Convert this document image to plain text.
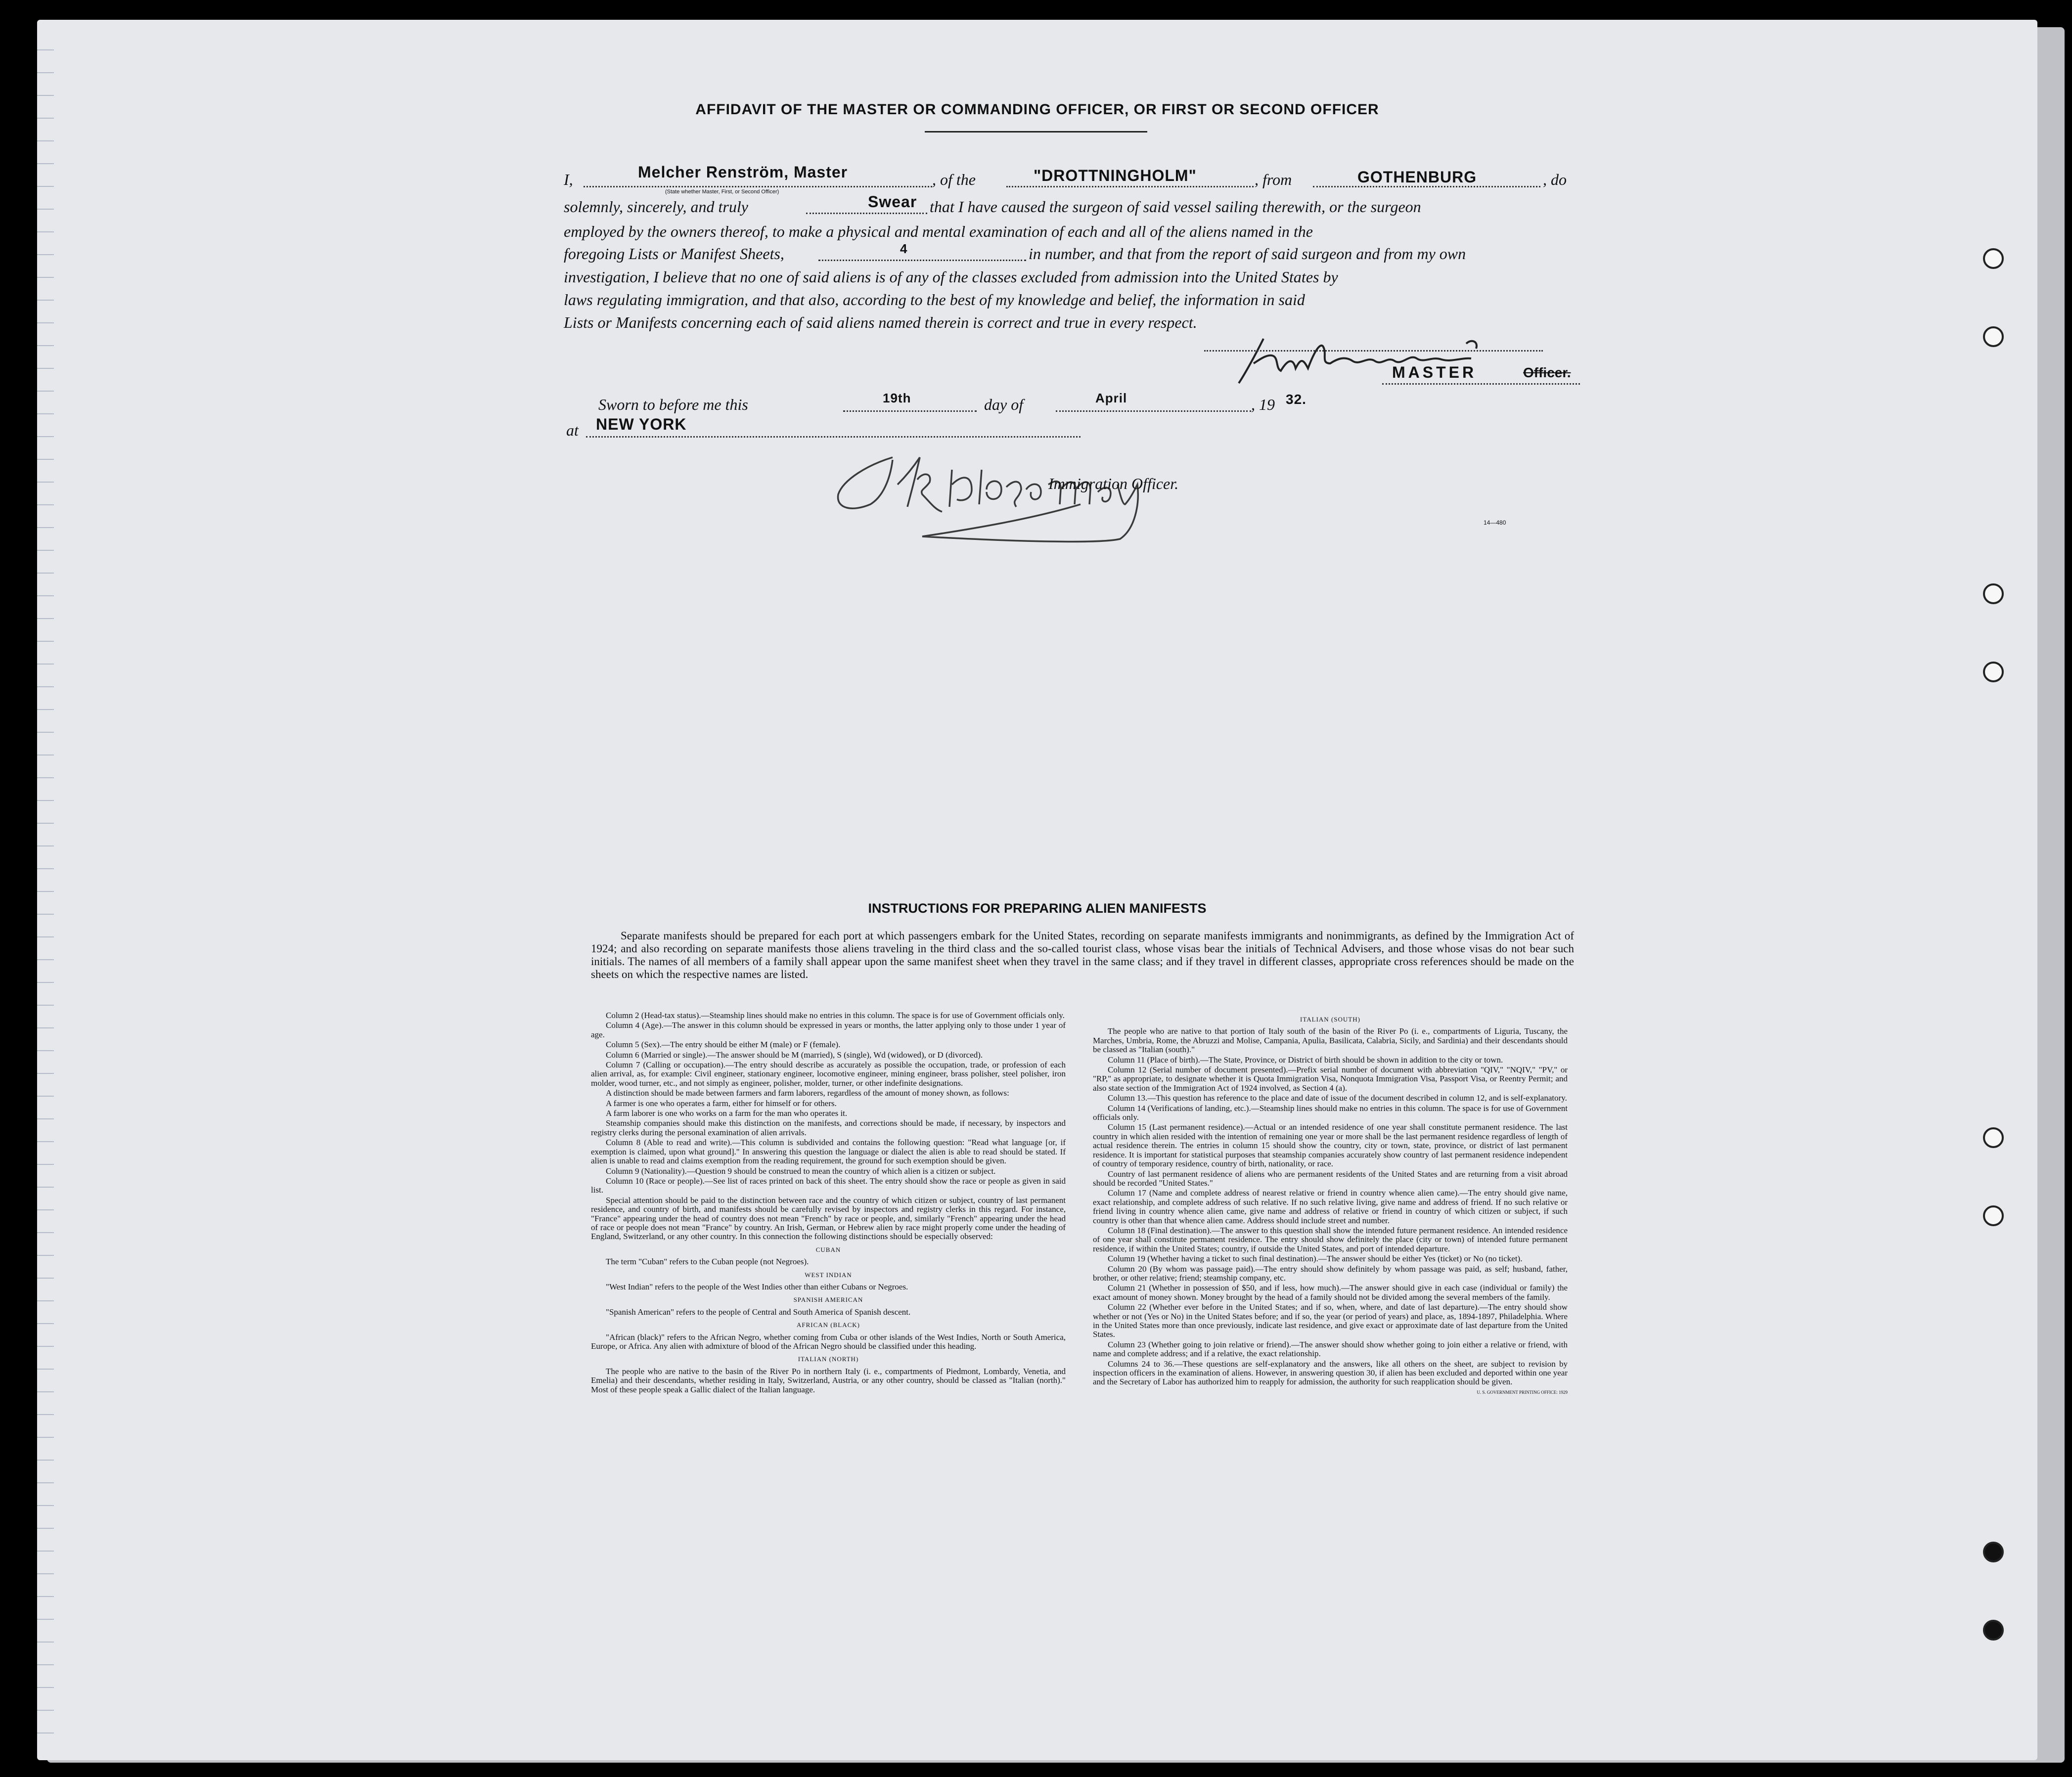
AFFIDAVIT OF THE MASTER OR COMMANDING OFFICER, OR FIRST OR SECOND OFFICER
I,	Melcher Renström, Master
(State whether Master, First, or Second Officer)
, of the	"DROTTNINGHOLM"	, from	GOTHENBURG	, do
solemnly, sincerely, and truly	Swear that I have caused the surgeon of said vessel sailing therewith, or the surgeon
employed by the owners thereof, to make a physical and mental examination of each and all of the aliens named in the
foregoing Lists or Manifest Sheets,	4	in number, and that from the report of said surgeon and from my own
investigation, I believe that no one of said aliens is of any of the classes excluded from admission into the United States by
laws regulating immigration, and that also, according to the best of my knowledge and belief, the information in said
Lists or Manifests concerning each of said aliens named therein is correct and true in every respect.
MASTER	Officer.
Sworn to before me this	19th	day of	April	, 19 32.
at NEW YORK
Immigration Officer.
14—480
INSTRUCTIONS FOR PREPARING ALIEN MANIFESTS
Separate manifests should be prepared for each port at which passengers embark for the United States, recording on separate manifests immigrants and nonimmigrants, as defined by the Immigration Act of 1924; and also recording on separate manifests those aliens traveling in the third class and the so-called tourist class, whose visas bear the initials of Technical Advisers, and those whose visas do not bear such initials. The names of all members of a family shall appear upon the same manifest sheet when they travel in the same class; and if they travel in different classes, appropriate cross references should be made on the sheets on which the respective names are listed.

Column 2 (Head-tax status).—Steamship lines should make no entries in this column. The space is for use of Government officials only.

Column 4 (Age).—The answer in this column should be expressed in years or months, the latter applying only to those under 1 year of age.

Column 5 (Sex).—The entry should be either M (male) or F (female).

Column 6 (Married or single).—The answer should be M (married), S (single), Wd (widowed), or D (divorced).

Column 7 (Calling or occupation).—The entry should describe as accurately as possible the occupation, trade, or profession of each alien arrival, as, for example: Civil engineer, stationary engineer, locomotive engineer, mining engineer, brass polisher, steel polisher, iron molder, wood turner, etc., and not simply as engineer, polisher, molder, turner, or other indefinite designations.

A distinction should be made between farmers and farm laborers, regardless of the amount of money shown, as follows:

A farmer is one who operates a farm, either for himself or for others.

A farm laborer is one who works on a farm for the man who operates it.

Steamship companies should make this distinction on the manifests, and corrections should be made, if necessary, by inspectors and registry clerks during the personal examination of alien arrivals.

Column 8 (Able to read and write).—This column is subdivided and contains the following question: "Read what language [or, if exemption is claimed, upon what ground]." In answering this question the language or dialect the alien is able to read should be stated. If alien is unable to read and claims exemption from the reading requirement, the ground for such exemption should be given.

Column 9 (Nationality).—Question 9 should be construed to mean the country of which alien is a citizen or subject.

Column 10 (Race or people).—See list of races printed on back of this sheet. The entry should show the race or people as given in said list.

Special attention should be paid to the distinction between race and the country of which citizen or subject, country of last permanent residence, and country of birth, and manifests should be carefully revised by inspectors and registry clerks in this regard. For instance, "France" appearing under the head of country does not mean "French" by race or people, and, similarly "French" appearing under the head of race or people does not mean "France" by country. An Irish, German, or Hebrew alien by race might properly come under the heading of England, Switzerland, or any other country. In this connection the following distinctions should be especially observed:

CUBAN

The term "Cuban" refers to the Cuban people (not Negroes).

WEST INDIAN

"West Indian" refers to the people of the West Indies other than either Cubans or Negroes.

SPANISH AMERICAN

"Spanish American" refers to the people of Central and South America of Spanish descent.

AFRICAN (BLACK)

"African (black)" refers to the African Negro, whether coming from Cuba or other islands of the West Indies, North or South America, Europe, or Africa. Any alien with admixture of blood of the African Negro should be classified under this heading.

ITALIAN (NORTH)

The people who are native to the basin of the River Po in northern Italy (i. e., compartments of Piedmont, Lombardy, Venetia, and Emelia) and their descendants, whether residing in Italy, Switzerland, Austria, or any other country, should be classed as "Italian (north)." Most of these people speak a Gallic dialect of the Italian language.

ITALIAN (SOUTH)

The people who are native to that portion of Italy south of the basin of the River Po (i. e., compartments of Liguria, Tuscany, the Marches, Umbria, Rome, the Abruzzi and Molise, Campania, Apulia, Basilicata, Calabria, Sicily, and Sardinia) and their descendants should be classed as "Italian (south)."

Column 11 (Place of birth).—The State, Province, or District of birth should be shown in addition to the city or town.

Column 12 (Serial number of document presented).—Prefix serial number of document with abbreviation "QIV," "NQIV," "PV," or "RP," as appropriate, to designate whether it is Quota Immigration Visa, Nonquota Immigration Visa, Passport Visa, or Reentry Permit; and also state section of the Immigration Act of 1924 involved, as Section 4 (a).

Column 13.—This question has reference to the place and date of issue of the document described in column 12, and is self-explanatory.

Column 14 (Verifications of landing, etc.).—Steamship lines should make no entries in this column. The space is for use of Government officials only.

Column 15 (Last permanent residence).—Actual or an intended residence of one year shall constitute permanent residence. The last country in which alien resided with the intention of remaining one year or more shall be the last permanent residence regardless of length of actual residence therein. The entries in column 15 should show the country, city or town, state, province, or district of last permanent residence. It is important for statistical purposes that steamship companies accurately show country of last permanent residence independent of country of temporary residence, country of birth, nationality, or race.

Country of last permanent residence of aliens who are permanent residents of the United States and are returning from a visit abroad should be recorded "United States."

Column 17 (Name and complete address of nearest relative or friend in country whence alien came).—The entry should give name, exact relationship, and complete address of such relative. If no such relative living, give name and address of friend. If no such relative or friend living in country whence alien came, give name and address of relative or friend in country of which citizen or subject, if such country is other than that whence alien came. Address should include street and number.

Column 18 (Final destination).—The answer to this question shall show the intended future permanent residence. An intended residence of one year shall constitute permanent residence. The entry should show definitely the place (city or town) of intended future permanent residence, if within the United States; country, if outside the United States, and port of intended departure.

Column 19 (Whether having a ticket to such final destination).—The answer should be either Yes (ticket) or No (no ticket).

Column 20 (By whom was passage paid).—The entry should show definitely by whom passage was paid, as self; husband, father, brother, or other relative; friend; steamship company, etc.

Column 21 (Whether in possession of $50, and if less, how much).—The answer should give in each case (individual or family) the exact amount of money shown. Money brought by the head of a family should not be divided among the several members of the family.

Column 22 (Whether ever before in the United States; and if so, when, where, and date of last departure).—The entry should show whether or not (Yes or No) in the United States before; and if so, the year (or period of years) and place, as, 1894-1897, Philadelphia. Where in the United States more than once previously, indicate last residence, and give exact or approximate date of last departure from the United States.

Column 23 (Whether going to join relative or friend).—The answer should show whether going to join either a relative or friend, with name and complete address; and if a relative, the exact relationship.

Columns 24 to 36.—These questions are self-explanatory and the answers, like all others on the sheet, are subject to revision by inspection officers in the examination of aliens. However, in answering question 30, if alien has been excluded and deported within one year and the Secretary of Labor has authorized him to reapply for admission, the authority for such reapplication should be given.

U. S. GOVERNMENT PRINTING OFFICE: 1929
